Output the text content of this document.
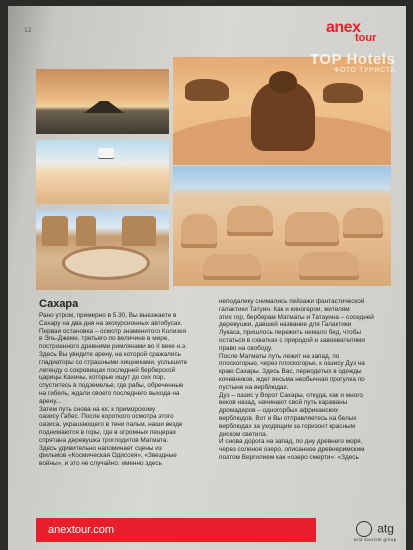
12	anex
tour
TOP Hotels
ФОТО ТУРИСТА
Сахара

Рано утром, примерно в 5.30, Вы выезжаете в

Сахару на два дня на экскурсионных автобусах.

Первая остановка – осмотр знаменитого Колизея

в Эль-Джеме, третьего по величине в мире,

построенного древними римлянами во II веке н.э.

Здесь Вы увидите арену, на которой сражались

гладиаторы со страшными хищниками, услышите

легенду о сокровищах последней берберской

царицы Кахины, которые ищут до сих пор,

спуститесь в подземелье, где рабы, обреченные

на гибель, ждали своего последнего выхода на

арену...

Затем путь снова на юг, к приморскому

оазису Габес. После короткого осмотра этого

оазиса, украшающего в тени пальм, наши везде

поднимаются в горы, где в огромных пещерах

спрятана деревушка троглодитов Матмата.

Здесь удивительно напоминает сцены из

фильмов «Космическая Одиссея», «Звездные

войны», и это не случайно: именно здесь

неподалеку снимались пейзажи фантастической

галактики Татуин. Как и киногерои, жителям

этих гор, берберам Матматы и Татауина – соседней

деревушки, давшей название для Галактики

Лукаса, пришлось пережить немало бед, чтобы

остаться в схватках с природой и завоевателями

право на свободу.

После Матматы путь лежит на запад, по

плоскогорью, через плоскогорье, к оазису Дуз на

краю Сахары. Здесь Вас, переодетых в одежды

кочевников, ждет весьма необычная прогулка по

пустыне на верблюдах.

Дуз – оазис у Ворот Сахары, откуда, как и много

веков назад, начинают свой путь караваны

дромадеров – одногорбых африканских

верблюдов. Вот и Вы отправляетесь на белых

верблюдах за уходящим за горизонт красным

диском светила.

И снова дорога на запад, по дну древнего моря,

через соленое озеро, описанное древнеримским

поэтом Вергилием как «озеро смерти»: «Здесь

anextour.com	atg
asia tourism group
